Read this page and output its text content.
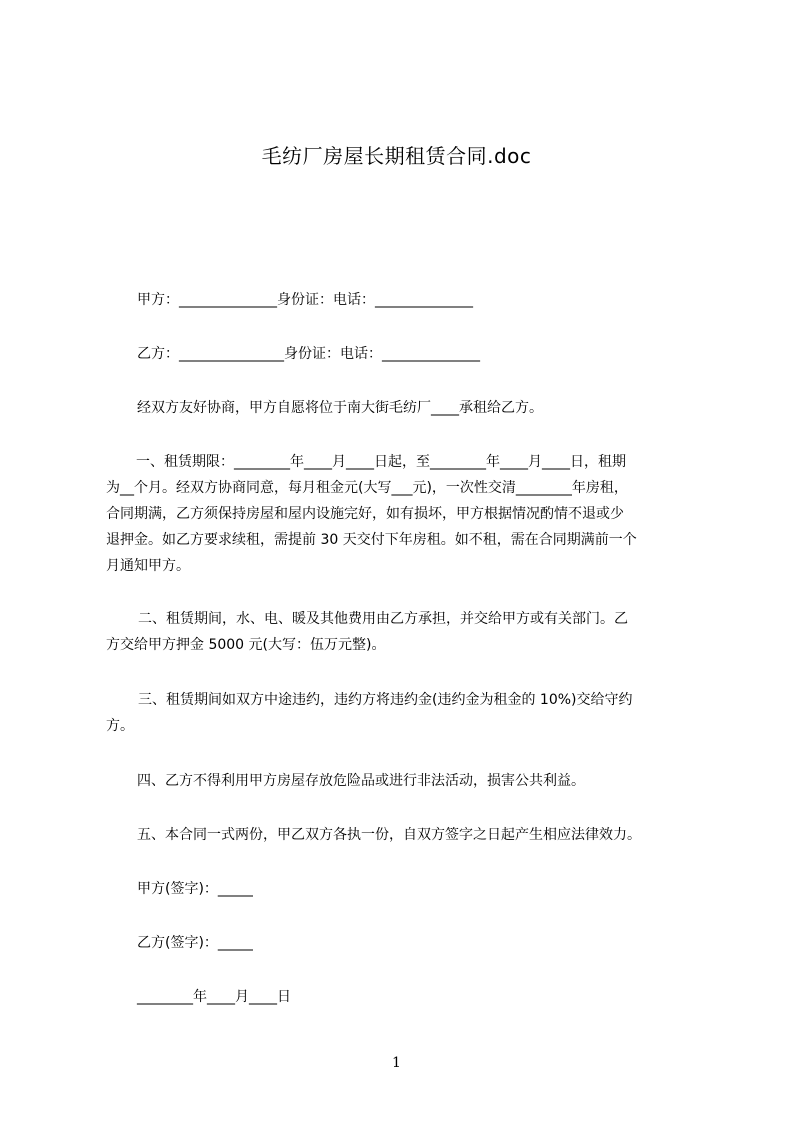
毛纺厂房屋长期租赁合同.doc
甲方：______________身份证：电话：______________
乙方：_______________身份证：电话：______________
经双方友好协商，甲方自愿将位于南大街毛纺厂____承租给乙方。
一、租赁期限：________年____月____日起，至________年____月____日，租期
为__个月。经双方协商同意，每月租金元(大写___元)，一次性交清________年房租，
合同期满，乙方须保持房屋和屋内设施完好，如有损坏，甲方根据情况酌情不退或少
退押金。如乙方要求续租，需提前 30 天交付下年房租。如不租，需在合同期满前一个
月通知甲方。
二、租赁期间，水、电、暖及其他费用由乙方承担，并交给甲方或有关部门。乙
方交给甲方押金 5000 元(大写：伍万元整)。
三、租赁期间如双方中途违约，违约方将违约金(违约金为租金的 10%)交给守约
方。
四、乙方不得利用甲方房屋存放危险品或进行非法活动，损害公共利益。
五、本合同一式两份，甲乙双方各执一份，自双方签字之日起产生相应法律效力。
甲方(签字)：_____
乙方(签字)：_____
________年____月____日
1
